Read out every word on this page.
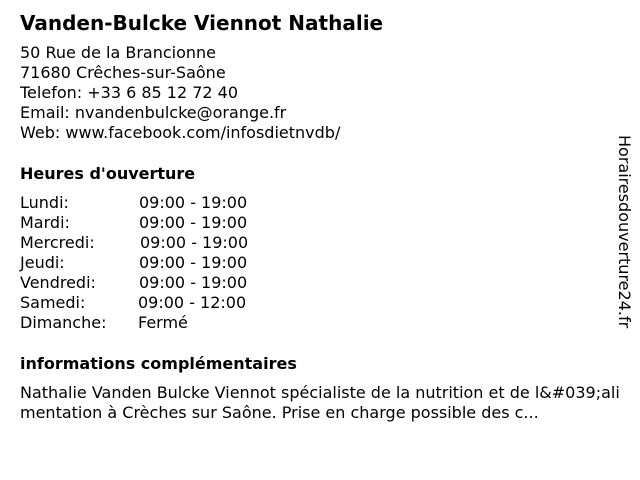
Vanden-Bulcke Viennot Nathalie
50 Rue de la Brancionne
71680 Crêches-sur-Saône
Telefon: +33 6 85 12 72 40
Email: nvandenbulcke@orange.fr
Web: www.facebook.com/infosdietnvdb/
Heures d'ouverture
Lundi:	09:00 - 19:00
Mardi:	09:00 - 19:00
Mercredi:	09:00 - 19:00
Jeudi:	09:00 - 19:00
Vendredi:	09:00 - 19:00
Samedi:	09:00 - 12:00
Dimanche: Fermé
informations complémentaires
Nathalie Vanden Bulcke Viennot spécialiste de la nutrition et de l&#039;alimentation à Crèches sur Saône. Prise en charge possible des c...
Horairesdouverture24.fr
